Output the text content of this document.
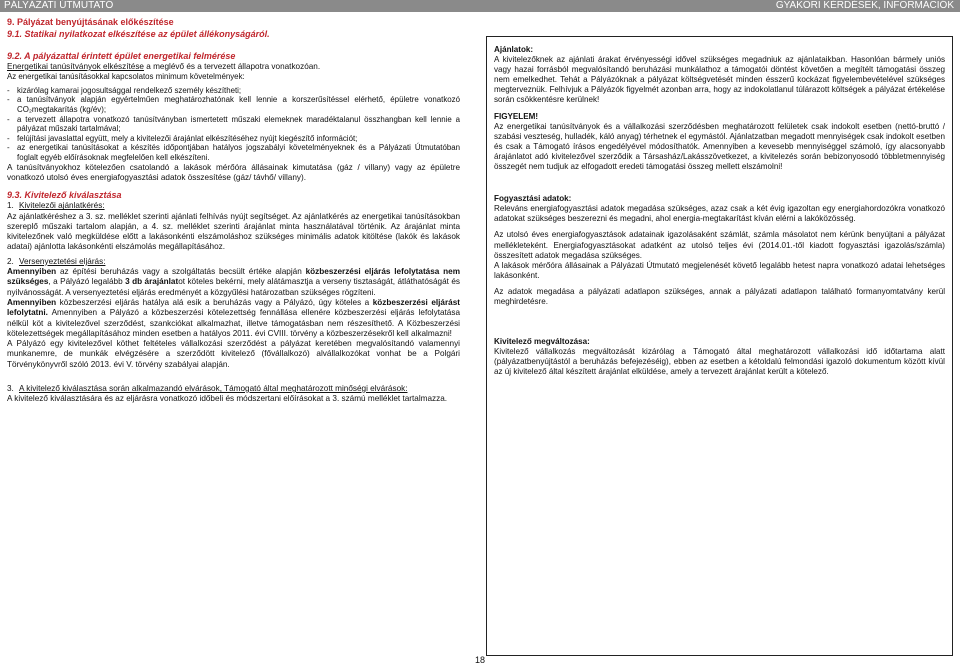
PÁLYÁZATI ÚTMUTATÓ	GYAKORI KÉRDÉSEK, INFORMÁCIÓK

9. Pályázat benyújtásának előkészítése

9.1. Statikai nyilatkozat elkészítése az épület állékonyságáról.

9.2. A pályázattal érintett épület energetikai felmérése

Energetikai tanúsítványok elkészítése a meglévő és a tervezett állapotra vonatkozóan.

Az energetikai tanúsításokkal kapcsolatos minimum követelmények:

- kizárólag kamarai jogosultsággal rendelkező személy készítheti;
- a tanúsítványok alapján egyértelműen meghatározhatónak kell lennie a korszerűsítéssel elérhető, épületre vonatkozó CO₂megtakarítás (kg/év);
- a tervezett állapotra vonatkozó tanúsítványban ismertetett műszaki elemeknek maradéktalanul összhangban kell lennie a pályázat műszaki tartalmával;
- felújítási javaslattal együtt, mely a kivitelezői árajánlat elkészítéséhez nyújt kiegészítő információt;
- az energetikai tanúsításokat a készítés időpontjában hatályos jogszabályi követelményeknek és a Pályázati Útmutatóban foglalt egyéb előírásoknak megfelelően kell elkészíteni.

A tanúsítványokhoz kötelezően csatolandó a lakások mérőóra állásainak kimutatása (gáz / villany) vagy az épületre vonatkozó utolsó éves energiafogyasztási adatok összesítése (gáz/ távhő/ villany).

9.3. Kivitelező kiválasztása

1. Kivitelezői ajánlatkérés:

Az ajánlatkéréshez a 3. sz. melléklet szerinti ajánlati felhívás nyújt segítséget. Az ajánlatkérés az energetikai tanúsításokban szereplő műszaki tartalom alapján, a 4. sz. melléklet szerinti árajánlat minta használatával történik. Az árajánlat minta kivitelezőnek való megküldése előtt a lakásonkénti elszámoláshoz szükséges minimális adatok kitöltése (lakók és lakások adatai) ajánlotta lakásonkénti elszámolás megállapításához.

2. Versenyeztetési eljárás:

Amennyiben az építési beruházás vagy a szolgáltatás becsült értéke alapján közbeszerzési eljárás lefolytatása nem szükséges, a Pályázó legalább 3 db árajánlatot köteles bekérni, mely alátámasztja a verseny tisztaságát, átláthatóságát és nyilvánosságát. A versenyeztetési eljárás eredményét a közgyűlési határozatban szükséges rögzíteni.

Amennyiben közbeszerzési eljárás hatálya alá esik a beruházás vagy a Pályázó, úgy köteles a közbeszerzési eljárást lefolytatni. Amennyiben a Pályázó a közbeszerzési kötelezettség fennállása ellenére közbeszerzési eljárás lefolytatása nélkül köt a kivitelezővel szerződést, szankciókat alkalmazhat, illetve támogatásban nem részesíthető. A Közbeszerzési kötelezettségek megállapításához minden esetben a hatályos 2011. évi CVIII. törvény a közbeszerzésekről kell alkalmazni!

A Pályázó egy kivitelezővel köthet feltételes vállalkozási szerződést a pályázat keretében megvalósítandó valamennyi munkanemre, de munkák elvégzésére a szerződött kivitelező (fővállalkozó) alvállalkozókat vonhat be a Polgári Törvénykönyvről szóló 2013. évi V. törvény szabályai alapján.

3. A kivitelező kiválasztása során alkalmazandó elvárások, Támogató által meghatározott minőségi elvárások:

A kivitelező kiválasztására és az eljárásra vonatkozó időbeli és módszertani előírásokat a 3. számú melléklet tartalmazza.

Ajánlatok:

A kivitelezőknek az ajánlati árakat érvényességi idővel szükséges megadniuk az ajánlataikban. Hasonlóan bármely uniós vagy hazai forrásból megvalósítandó beruházási munkálathoz a támogatói döntést követően a megítélt támogatási összeg nem emelkedhet. Tehát a Pályázóknak a pályázat költségvetését minden ésszerű kockázat figyelembevételével szükséges megterveznük. Felhívjuk a Pályázók figyelmét azonban arra, hogy az indokolatlanul túlárazott költségek a pályázat értékelése során csökkentésre kerülnek!

FIGYELEM!

Az energetikai tanúsítványok és a vállalkozási szerződésben meghatározott felületek csak indokolt esetben (nettó-bruttó / szabási veszteség, hulladék, káló anyag) térhetnek el egymástól. Ajánlatzatban megadott mennyiségek csak indokolt esetben és csak a Támogató írásos engedélyével módosíthatók. Amennyiben a kevesebb mennyiséggel számoló, így alacsonyabb árajánlatot adó kivitelezővel szerződik a Társasház/Lakásszövetkezet, a kivitelezés során bebizonyosodó többletmennyiség összegét nem tudjuk az elfogadott eredeti támogatási összeg mellett elszámolni!

Fogyasztási adatok:

Releváns energiafogyasztási adatok megadása szükséges, azaz csak a két évig igazoltan egy energiahordozókra vonatkozó adatokat szükséges beszerezni és megadni, ahol energia-megtakarítást kíván elérni a lakóközösség.

Az utolsó éves energiafogyasztások adatainak igazolásaként számlát, számla másolatot nem kérünk benyújtani a pályázat mellékleteként. Energiafogyasztásokat adatként az utolsó teljes évi (2014.01.-től kiadott fogyasztási igazolás/számla) összesített adatok megadása szükséges.

A lakások mérőóra állásainak a Pályázati Útmutató megjelenését követő legalább hetest napra vonatkozó adatai lehetséges lakásonként.

Az adatok megadása a pályázati adatlapon szükséges, annak a pályázati adatlapon található formanyomtatvány kerül meghirdetésre.

Kivitelező megváltozása:

Kivitelező vállalkozás megváltozását kizárólag a Támogató által meghatározott vállalkozási idő időtartama alatt (pályázatbenyújtástól a beruházás befejezéséig), ebben az esetben a kétoldalú felmondási igazoló dokumentum között kívül az új kivitelező által készített árajánlat elküldése, amely a tervezett árajánlat került a kötelező.

18
